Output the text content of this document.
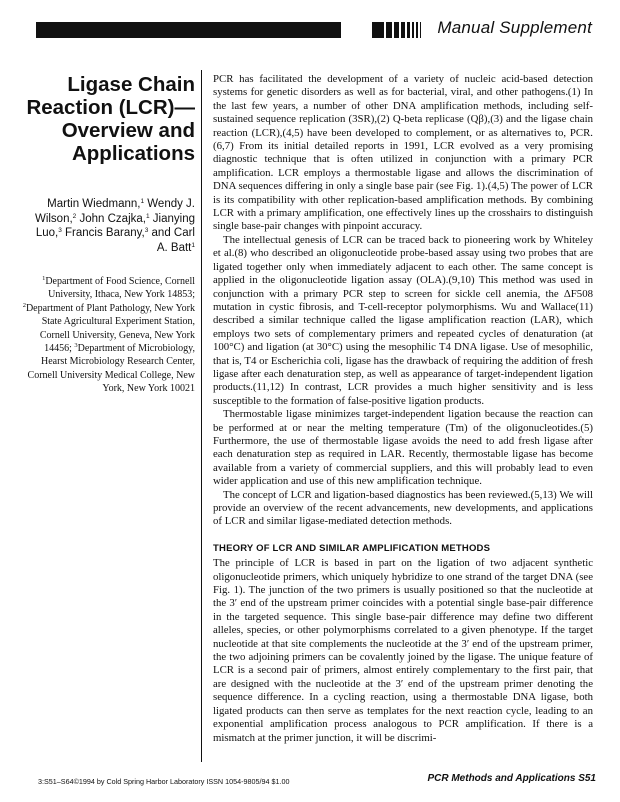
Manual Supplement
Ligase Chain Reaction (LCR)—Overview and Applications
Martin Wiedmann,$^1$ Wendy J. Wilson,$^2$ John Czajka,$^1$ Jianying Luo,$^3$ Francis Barany,$^3$ and Carl A. Batt$^1$
$^1$Department of Food Science, Cornell University, Ithaca, New York 14853; $^2$Department of Plant Pathology, New York State Agricultural Experiment Station, Cornell University, Geneva, New York 14456; $^3$Department of Microbiology, Hearst Microbiology Research Center, Cornell University Medical College, New York, New York 10021

PCR has facilitated the development of a variety of nucleic acid-based detection systems for genetic disorders as well as for bacterial, viral, and other pathogens.(1) In the last few years, a number of other DNA amplification methods, including self-sustained sequence replication (3SR),(2) Q-beta replicase (Qβ),(3) and the ligase chain reaction (LCR),(4,5) have been developed to complement, or as alternatives to, PCR.(6,7) From its initial detailed reports in 1991, LCR evolved as a very promising diagnostic technique that is often utilized in conjunction with a primary PCR amplification. LCR employs a thermostable ligase and allows the discrimination of DNA sequences differing in only a single base pair (see Fig. 1).(4,5) The power of LCR is its compatibility with other replication-based amplification methods. By combining LCR with a primary amplification, one effectively lines up the crosshairs to distinguish single base-pair changes with pinpoint accuracy.

The intellectual genesis of LCR can be traced back to pioneering work by Whiteley et al.(8) who described an oligonucleotide probe-based assay using two probes that are ligated together only when immediately adjacent to each other. The same concept is applied in the oligonucleotide ligation assay (OLA).(9,10) This method was used in conjunction with a primary PCR step to screen for sickle cell anemia, the ΔF508 mutation in cystic fibrosis, and T-cell-receptor polymorphisms. Wu and Wallace(11) described a similar technique called the ligase amplification reaction (LAR), which employs two sets of complementary primers and repeated cycles of denaturation (at 100°C) and ligation (at 30°C) using the mesophilic T4 DNA ligase. Use of mesophilic, that is, T4 or Escherichia coli, ligase has the drawback of requiring the addition of fresh ligase after each denaturation step, as well as appearance of target-independent ligation products.(11,12) In contrast, LCR provides a much higher sensitivity and is less susceptible to the formation of false-positive ligation products.

Thermostable ligase minimizes target-independent ligation because the reaction can be performed at or near the melting temperature (Tm) of the oligonucleotides.(5) Furthermore, the use of thermostable ligase avoids the need to add fresh ligase after each denaturation step as required in LAR. Recently, thermostable ligase has become available from a variety of commercial suppliers, and this will probably lead to even wider application and use of this new amplification technique.

The concept of LCR and ligation-based diagnostics has been reviewed.(5,13) We will provide an overview of the recent advancements, new developments, and applications of LCR and similar ligase-mediated detection methods.

THEORY OF LCR AND SIMILAR AMPLIFICATION METHODS

The principle of LCR is based in part on the ligation of two adjacent synthetic oligonucleotide primers, which uniquely hybridize to one strand of the target DNA (see Fig. 1). The junction of the two primers is usually positioned so that the nucleotide at the 3′ end of the upstream primer coincides with a potential single base-pair difference in the targeted sequence. This single base-pair difference may define two different alleles, species, or other polymorphisms correlated to a given phenotype. If the target nucleotide at that site complements the nucleotide at the 3′ end of the upstream primer, the two adjoining primers can be covalently joined by the ligase. The unique feature of LCR is a second pair of primers, almost entirely complementary to the first pair, that are designed with the nucleotide at the 3′ end of the upstream primer denoting the sequence difference. In a cycling reaction, using a thermostable DNA ligase, both ligated products can then serve as templates for the next reaction cycle, leading to an exponential amplification process analogous to PCR amplification. If there is a mismatch at the primer junction, it will be discrimi-

3:S51–S64©1994 by Cold Spring Harbor Laboratory ISSN 1054-9805/94 $1.00	PCR Methods and Applications S51
